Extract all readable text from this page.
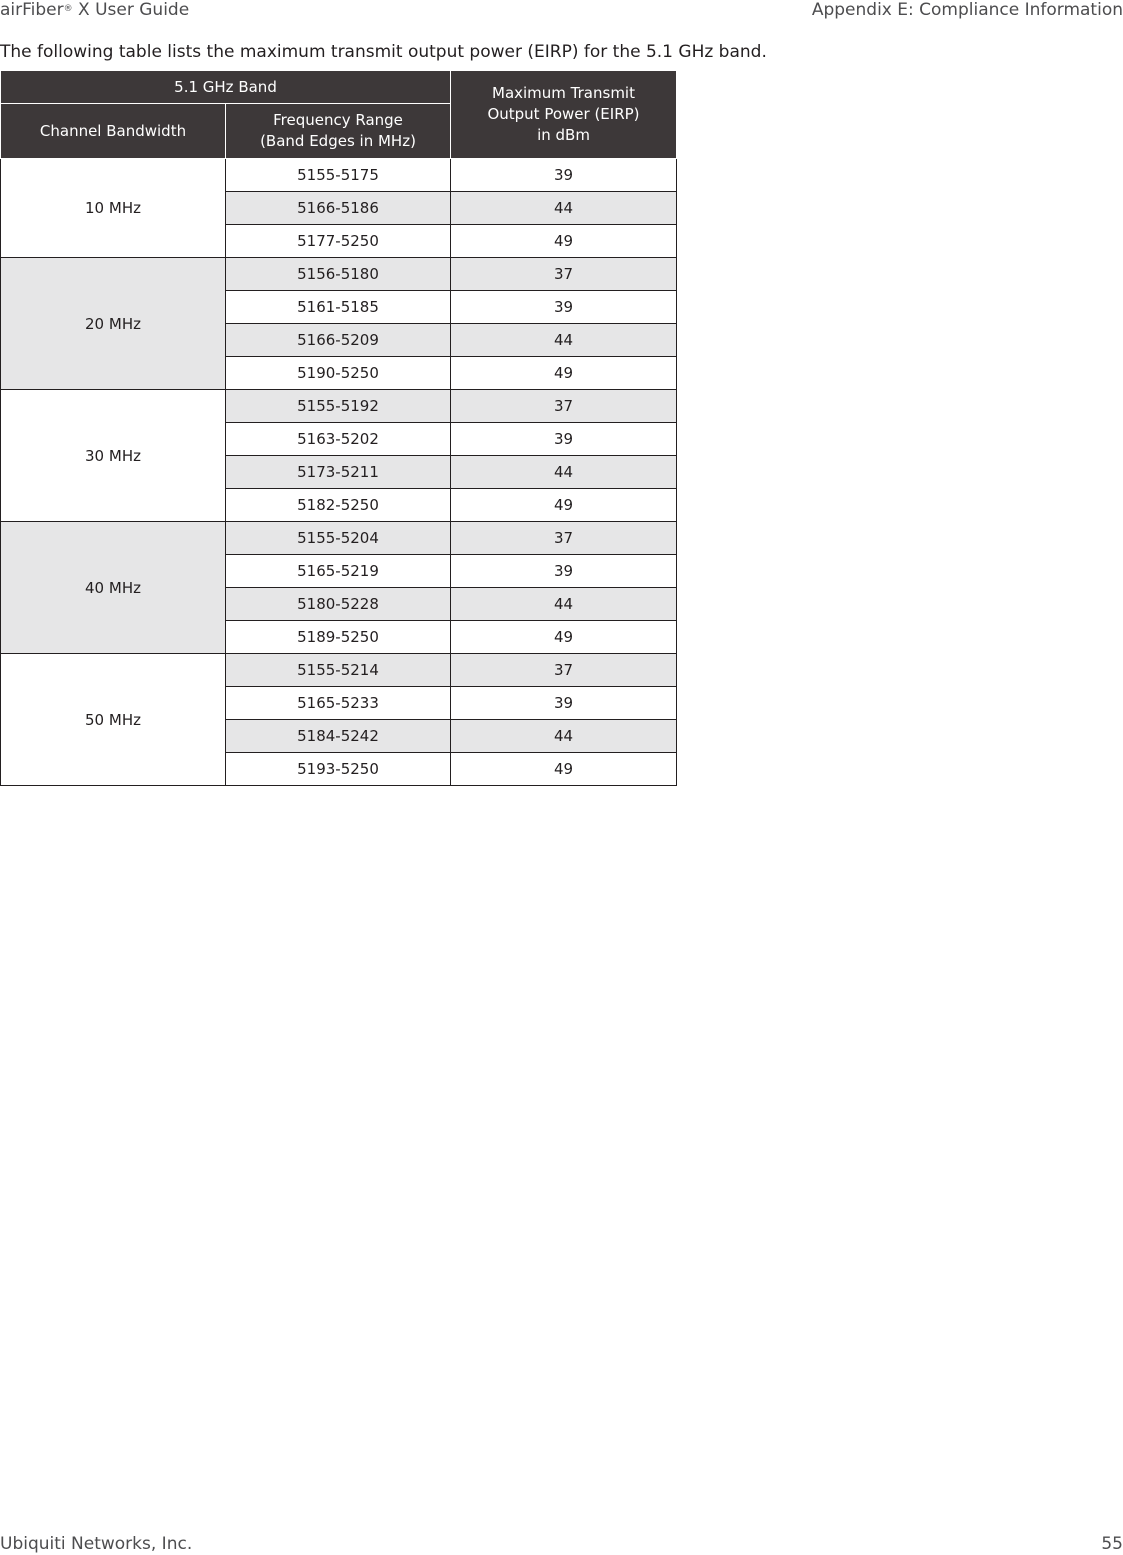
airFiber® X User Guide	Appendix E: Compliance Information
The following table lists the maximum transmit output power (EIRP) for the 5.1 GHz band.
5.1 GHz Band		Maximum Transmit
Output Power (EIRP)
in dBm
Channel Bandwidth	Frequency Range
(Band Edges in MHz)	
10 MHz	5155-5175	39
	5166-5186	44
	5177-5250	49
20 MHz	5156-5180	37
	5161-5185	39
	5166-5209	44
	5190-5250	49
30 MHz	5155-5192	37
	5163-5202	39
	5173-5211	44
	5182-5250	49
40 MHz	5155-5204	37
	5165-5219	39
	5180-5228	44
	5189-5250	49
50 MHz	5155-5214	37
	5165-5233	39
	5184-5242	44
	5193-5250	49
Ubiquiti Networks, Inc.	55
